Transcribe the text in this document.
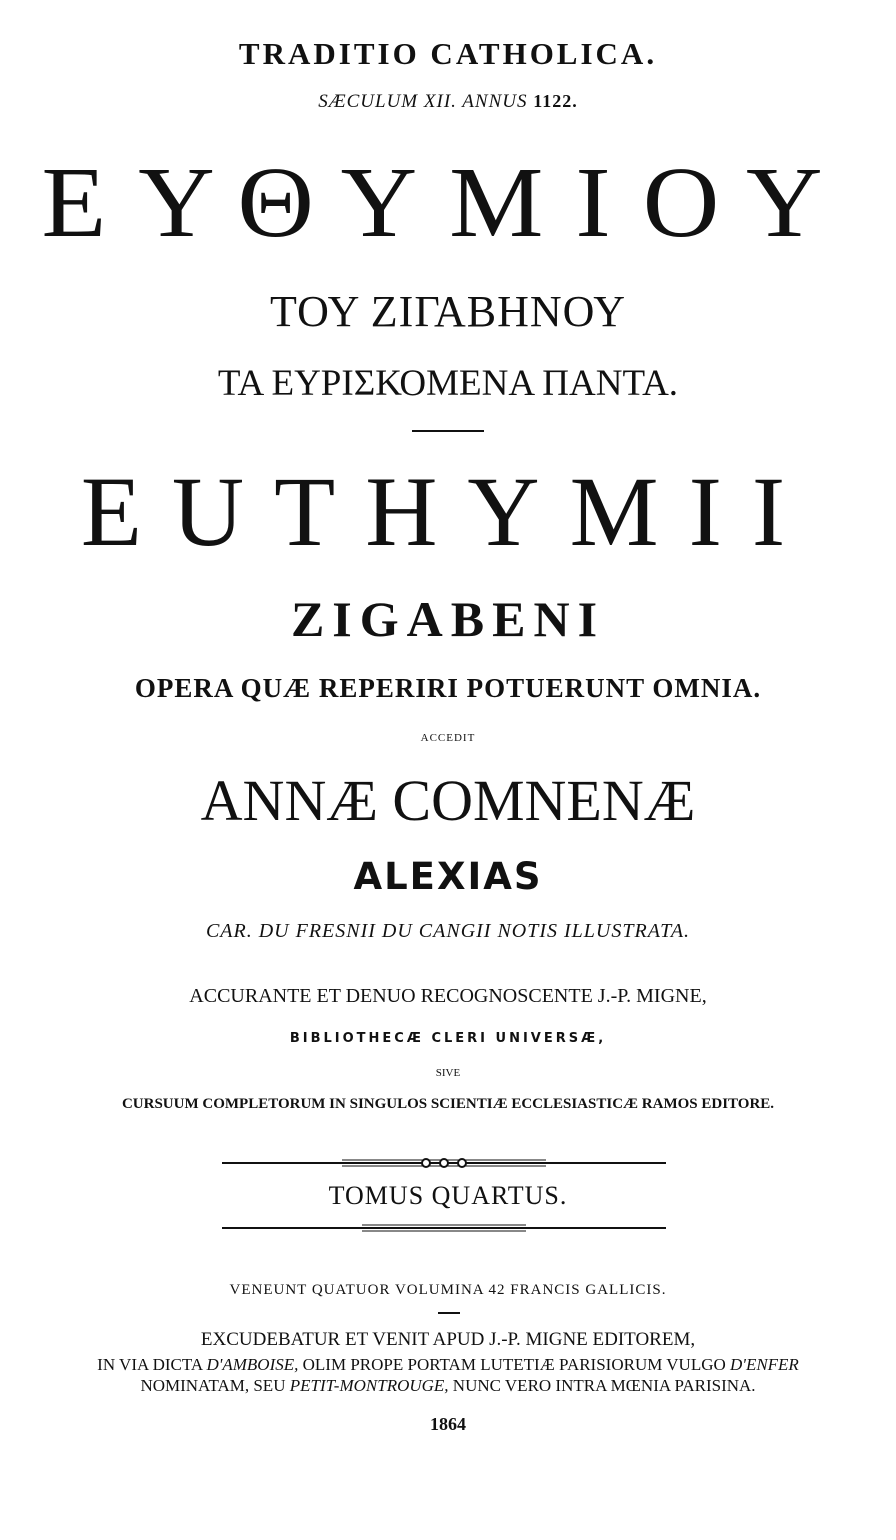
TRADITIO CATHOLICA.
SÆCULUM XII. ANNUS 1122.
ΕΥΘΥΜΙΟΥ
ΤΟΥ ΖΙΓΑΒΗΝΟΥ
ΤΑ ΕΥΡΙΣΚΟΜΕΝΑ ΠΑΝΤΑ.
EUTHYMII
ZIGABENI
OPERA QUÆ REPERIRI POTUERUNT OMNIA.
ACCEDIT
ANNÆ COMNENÆ
ALEXIAS
CAR. DU FRESNII DU CANGII NOTIS ILLUSTRATA.
ACCURANTE ET DENUO RECOGNOSCENTE J.-P. MIGNE,
BIBLIOTHECÆ CLERI UNIVERSÆ,
SIVE
CURSUUM COMPLETORUM IN SINGULOS SCIENTIÆ ECCLESIASTICÆ RAMOS EDITORE.
TOMUS QUARTUS.
VENEUNT QUATUOR VOLUMINA 42 FRANCIS GALLICIS.
EXCUDEBATUR ET VENIT APUD J.-P. MIGNE EDITOREM,
IN VIA DICTA D'AMBOISE, OLIM PROPE PORTAM LUTETIÆ PARISIORUM VULGO D'ENFER
NOMINATAM, SEU PETIT-MONTROUGE, NUNC VERO INTRA MŒNIA PARISINA.
1864
